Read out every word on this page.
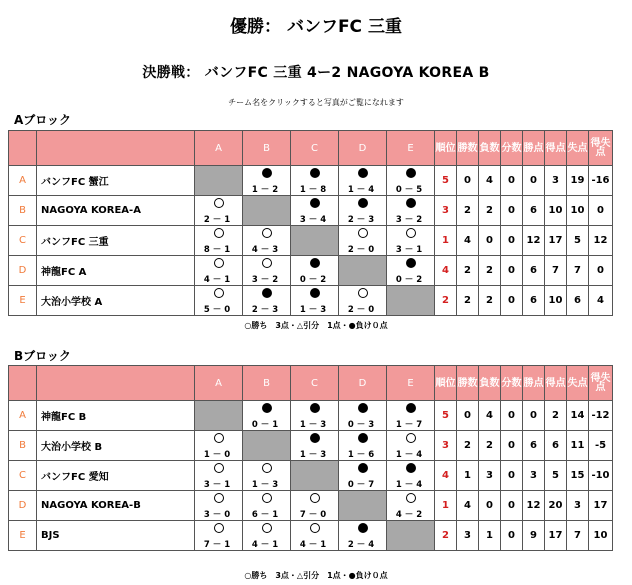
優勝： バンフFC 三重
決勝戦： バンフFC 三重 4ー2 NAGOYA KOREA B
チーム名をクリックすると写真がご覧になれます
Aブロック
		A	B	C	D	E	順位	勝数	負数	分数	勝点	得点	失点	得失点
A	バンフFC 蟹江		1－2	1－8	1－4	0－5	5	0	4	0	0	3	19	-16
B	NAGOYA KOREA-A	2－1		3－4	2－3	3－2	3	2	2	0	6	10	10	0
C	バンフFC 三重	8－1	4－3		2－0	3－1	1	4	0	0	12	17	5	12
D	神龍FC A	4－1	3－2	0－2		0－2	4	2	2	0	6	7	7	0
E	大治小学校 A	5－0	2－3	1－3	2－0		2	2	2	0	6	10	6	4
○勝ち　3点・△引分　1点・●負け０点
Bブロック
		A	B	C	D	E	順位	勝数	負数	分数	勝点	得点	失点	得失点
A	神龍FC B		0－1	1－3	0－3	1－7	5	0	4	0	0	2	14	-12
B	大治小学校 B	1－0		1－3	1－6	1－4	3	2	2	0	6	6	11	-5
C	バンフFC 愛知	3－1	1－3		0－7	1－4	4	1	3	0	3	5	15	-10
D	NAGOYA KOREA-B	3－0	6－1	7－0		4－2	1	4	0	0	12	20	3	17
E	BJS	7－1	4－1	4－1	2－4		2	3	1	0	9	17	7	10
○勝ち　3点・△引分　1点・●負け０点
